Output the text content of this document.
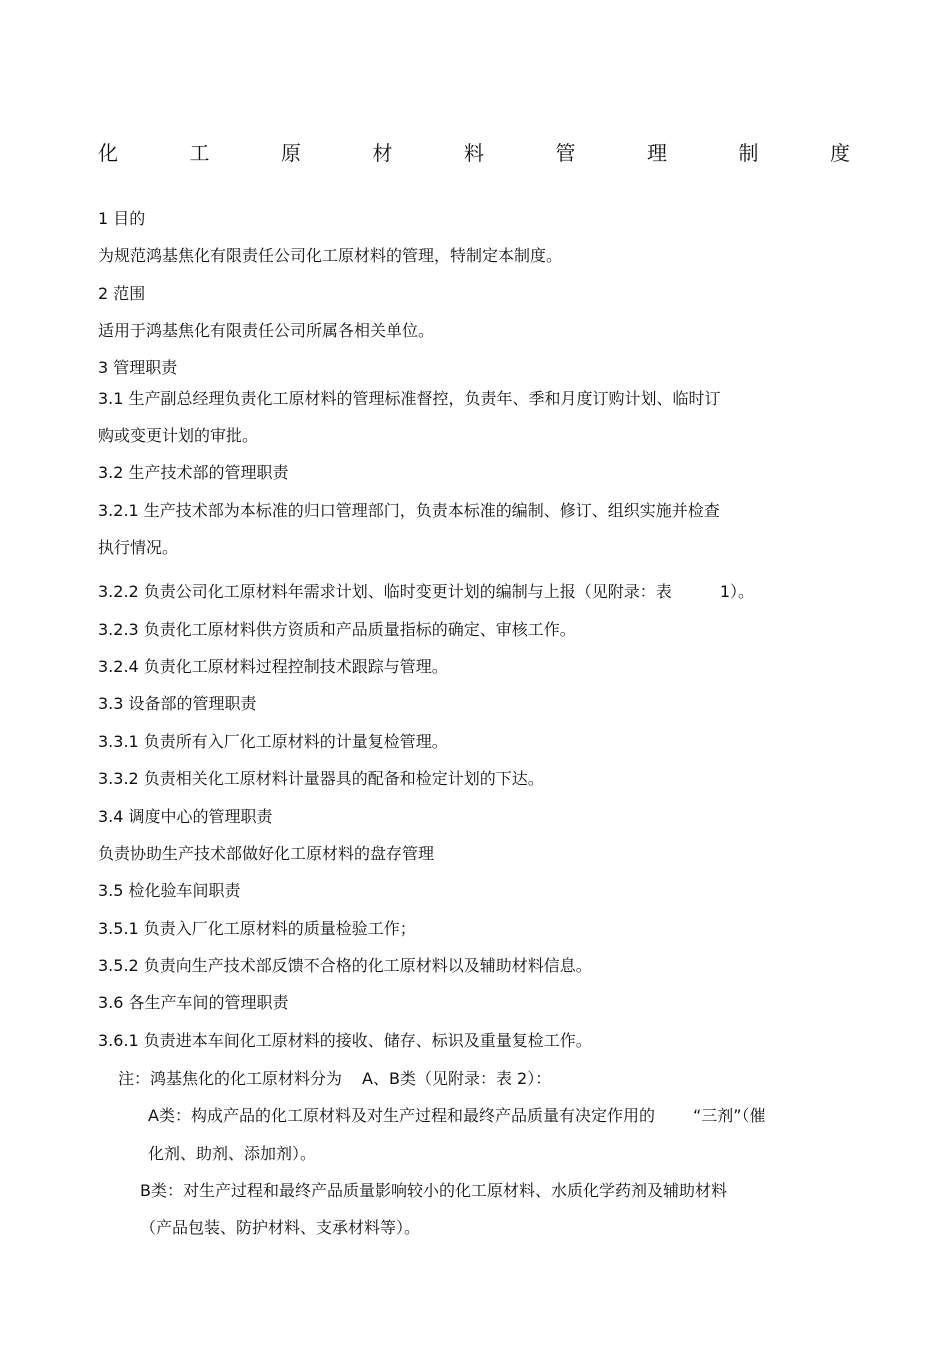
化	工	原	材	料	管	理	制	度
1 目的
为规范鸿基焦化有限责任公司化工原材料的管理，特制定本制度。
2 范围
适用于鸿基焦化有限责任公司所属各相关单位。
3 管理职责
3.1 生产副总经理负责化工原材料的管理标准督控，负责年、季和月度订购计划、临时订
购或变更计划的审批。
3.2 生产技术部的管理职责
3.2.1 生产技术部为本标准的归口管理部门，负责本标准的编制、修订、组织实施并检查
执行情况。
3.2.2 负责公司化工原材料年需求计划、临时变更计划的编制与上报（见附录：表	1）。
3.2.3 负责化工原材料供方资质和产品质量指标的确定、审核工作。
3.2.4 负责化工原材料过程控制技术跟踪与管理。
3.3 设备部的管理职责
3.3.1 负责所有入厂化工原材料的计量复检管理。
3.3.2 负责相关化工原材料计量器具的配备和检定计划的下达。
3.4 调度中心的管理职责
负责协助生产技术部做好化工原材料的盘存管理
3.5 检化验车间职责
3.5.1 负责入厂化工原材料的质量检验工作；
3.5.2 负责向生产技术部反馈不合格的化工原材料以及辅助材料信息。
3.6 各生产车间的管理职责
3.6.1 负责进本车间化工原材料的接收、储存、标识及重量复检工作。
注：鸿基焦化的化工原材料分为 A、B类（见附录：表 2）：
A类：构成产品的化工原材料及对生产过程和最终产品质量有决定作用的 “三剂”（催
化剂、助剂、添加剂）。
B类：对生产过程和最终产品质量影响较小的化工原材料、水质化学药剂及辅助材料
（产品包装、防护材料、支承材料等）。
